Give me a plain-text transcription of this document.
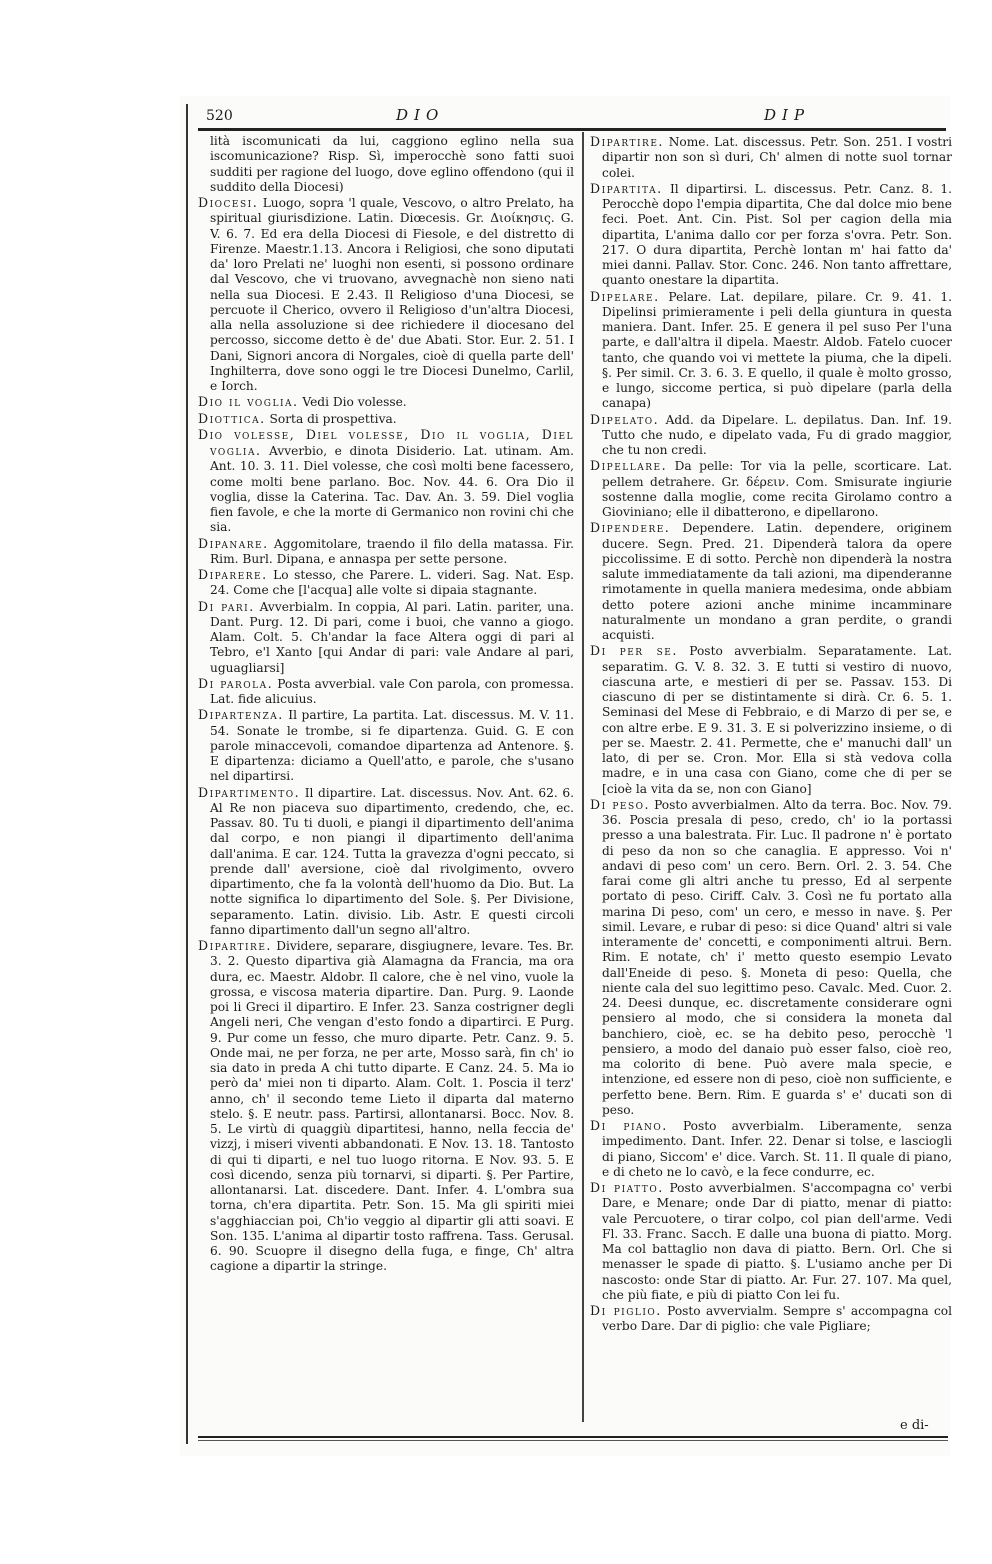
520	DIO	DIP

lità iscomunicati da lui, caggiono eglino nella sua iscomunicazione? Risp. Sì, imperocchè sono fatti suoi sudditi per ragione del luogo, dove eglino offendono (qui il suddito della Diocesi)

Diocesi. Luogo, sopra 'l quale, Vescovo, o altro Prelato, ha spiritual giurisdizione. Latin. Diœcesis. Gr. Διοίκησις. G. V. 6. 7. Ed era della Diocesi di Fiesole, e del distretto di Firenze. Maestr.1.13. Ancora i Religiosi, che sono diputati da' loro Prelati ne' luoghi non esenti, si possono ordinare dal Vescovo, che vi truovano, avvegnachè non sieno nati nella sua Diocesi. E 2.43. Il Religioso d'una Diocesi, se percuote il Cherico, ovvero il Religioso d'un'altra Diocesi, alla nella assoluzione si dee richiedere il diocesano del percosso, siccome detto è de' due Abati. Stor. Eur. 2. 51. I Dani, Signori ancora di Norgales, cioè di quella parte dell' Inghilterra, dove sono oggi le tre Diocesi Dunelmo, Carlil, e Iorch.

Dio il voglia. Vedi Dio volesse.

Diottica. Sorta di prospettiva.

Dio volesse, Diel volesse, Dio il voglia, Diel voglia. Avverbio, e dinota Disiderio. Lat. utinam. Am. Ant. 10. 3. 11. Diel volesse, che così molti bene facessero, come molti bene parlano. Boc. Nov. 44. 6. Ora Dio il voglia, disse la Caterina. Tac. Dav. An. 3. 59. Diel voglia fien favole, e che la morte di Germanico non rovini chi che sia.

Dipanare. Aggomitolare, traendo il filo della matassa. Fir. Rim. Burl. Dipana, e annaspa per sette persone.

Diparere. Lo stesso, che Parere. L. videri. Sag. Nat. Esp. 24. Come che [l'acqua] alle volte si dipaia stagnante.

Di pari. Avverbialm. In coppia, Al pari. Latin. pariter, una. Dant. Purg. 12. Di pari, come i buoi, che vanno a giogo. Alam. Colt. 5. Ch'andar la face Altera oggi di pari al Tebro, e'l Xanto [qui Andar di pari: vale Andare al pari, uguagliarsi]

Di parola. Posta avverbial. vale Con parola, con promessa. Lat. fide alicuius.

Dipartenza. Il partire, La partita. Lat. discessus. M. V. 11. 54. Sonate le trombe, si fe dipartenza. Guid. G. E con parole minaccevoli, comandoe dipartenza ad Antenore. §. E dipartenza: diciamo a Quell'atto, e parole, che s'usano nel dipartirsi.

Dipartimento. Il dipartire. Lat. discessus. Nov. Ant. 62. 6. Al Re non piaceva suo dipartimento, credendo, che, ec. Passav. 80. Tu ti duoli, e piangi il dipartimento dell'anima dal corpo, e non piangi il dipartimento dell'anima dall'anima. E car. 124. Tutta la gravezza d'ogni peccato, si prende dall' aversione, cioè dal rivolgimento, ovvero dipartimento, che fa la volontà dell'huomo da Dio. But. La notte significa lo dipartimento del Sole. §. Per Divisione, separamento. Latin. divisio. Lib. Astr. E questi circoli fanno dipartimento dall'un segno all'altro.

Dipartire. Dividere, separare, disgiugnere, levare. Tes. Br. 3. 2. Questo dipartiva già Alamagna da Francia, ma ora dura, ec. Maestr. Aldobr. Il calore, che è nel vino, vuole la grossa, e viscosa materia dipartire. Dan. Purg. 9. Laonde poi li Greci il dipartiro. E Infer. 23. Sanza costrigner degli Angeli neri, Che vengan d'esto fondo a dipartirci. E Purg. 9. Pur come un fesso, che muro diparte. Petr. Canz. 9. 5. Onde mai, ne per forza, ne per arte, Mosso sarà, fin ch' io sia dato in preda A chi tutto diparte. E Canz. 24. 5. Ma io però da' miei non ti diparto. Alam. Colt. 1. Poscia il terz' anno, ch' il secondo teme Lieto il diparta dal materno stelo. §. E neutr. pass. Partirsi, allontanarsi. Bocc. Nov. 8. 5. Le virtù di quaggiù dipartitesi, hanno, nella feccia de' vizzj, i miseri viventi abbandonati. E Nov. 13. 18. Tantosto di qui ti diparti, e nel tuo luogo ritorna. E Nov. 93. 5. E così dicendo, senza più tornarvi, si diparti. §. Per Partire, allontanarsi. Lat. discedere. Dant. Infer. 4. L'ombra sua torna, ch'era dipartita. Petr. Son. 15. Ma gli spiriti miei s'agghiaccian poi, Ch'io veggio al dipartir gli atti soavi. E Son. 135. L'anima al dipartir tosto raffrena. Tass. Gerusal. 6. 90. Scuopre il disegno della fuga, e finge, Ch' altra cagione a dipartir la stringe.

Dipartire. Nome. Lat. discessus. Petr. Son. 251. I vostri dipartir non son sì duri, Ch' almen di notte suol tornar colei.

Dipartita. Il dipartirsi. L. discessus. Petr. Canz. 8. 1. Perocchè dopo l'empia dipartita, Che dal dolce mio bene feci. Poet. Ant. Cin. Pist. Sol per cagion della mia dipartita, L'anima dallo cor per forza s'ovra. Petr. Son. 217. O dura dipartita, Perchè lontan m' hai fatto da' miei danni. Pallav. Stor. Conc. 246. Non tanto affrettare, quanto onestare la dipartita.

Dipelare. Pelare. Lat. depilare, pilare. Cr. 9. 41. 1. Dipelinsi primieramente i peli della giuntura in questa maniera. Dant. Infer. 25. E genera il pel suso Per l'una parte, e dall'altra il dipela. Maestr. Aldob. Fatelo cuocer tanto, che quando voi vi mettete la piuma, che la dipeli. §. Per simil. Cr. 3. 6. 3. E quello, il quale è molto grosso, e lungo, siccome pertica, si può dipelare (parla della canapa)

Dipelato. Add. da Dipelare. L. depilatus. Dan. Inf. 19. Tutto che nudo, e dipelato vada, Fu di grado maggior, che tu non credi.

Dipellare. Da pelle: Tor via la pelle, scorticare. Lat. pellem detrahere. Gr. δέρειν. Com. Smisurate ingiurie sostenne dalla moglie, come recita Girolamo contro a Gioviniano; elle il dibatterono, e dipellarono.

Dipendere. Dependere. Latin. dependere, originem ducere. Segn. Pred. 21. Dipenderà talora da opere piccolissime. E di sotto. Perchè non dipenderà la nostra salute immediatamente da tali azioni, ma dipenderanne rimotamente in quella maniera medesima, onde abbiam detto potere azioni anche minime incamminare naturalmente un mondano a gran perdite, o grandi acquisti.

Di per se. Posto avverbialm. Separatamente. Lat. separatim. G. V. 8. 32. 3. E tutti si vestiro di nuovo, ciascuna arte, e mestieri di per se. Passav. 153. Di ciascuno di per se distintamente si dirà. Cr. 6. 5. 1. Seminasi del Mese di Febbraio, e di Marzo di per se, e con altre erbe. E 9. 31. 3. E si polverizzino insieme, o di per se. Maestr. 2. 41. Permette, che e' manuchi dall' un lato, di per se. Cron. Mor. Ella si stà vedova colla madre, e in una casa con Giano, come che di per se [cioè la vita da se, non con Giano]

Di peso. Posto avverbialmen. Alto da terra. Boc. Nov. 79. 36. Poscia presala di peso, credo, ch' io la portassi presso a una balestrata. Fir. Luc. Il padrone n' è portato di peso da non so che canaglia. E appresso. Voi n' andavi di peso com' un cero. Bern. Orl. 2. 3. 54. Che farai come gli altri anche tu presso, Ed al serpente portato di peso. Ciriff. Calv. 3. Così ne fu portato alla marina Di peso, com' un cero, e messo in nave. §. Per simil. Levare, e rubar di peso: si dice Quand' altri si vale interamente de' concetti, e componimenti altrui. Bern. Rim. E notate, ch' i' metto questo esempio Levato dall'Eneide di peso. §. Moneta di peso: Quella, che niente cala del suo legittimo peso. Cavalc. Med. Cuor. 2. 24. Deesi dunque, ec. discretamente considerare ogni pensiero al modo, che si considera la moneta dal banchiero, cioè, ec. se ha debito peso, perocchè 'l pensiero, a modo del danaio può esser falso, cioè reo, ma colorito di bene. Può avere mala specie, e intenzione, ed essere non di peso, cioè non sufficiente, e perfetto bene. Bern. Rim. E guarda s' e' ducati son di peso.

Di piano. Posto avverbialm. Liberamente, senza impedimento. Dant. Infer. 22. Denar si tolse, e lasciogli di piano, Siccom' e' dice. Varch. St. 11. Il quale di piano, e di cheto ne lo cavò, e la fece condurre, ec.

Di piatto. Posto avverbialmen. S'accompagna co' verbi Dare, e Menare; onde Dar di piatto, menar di piatto: vale Percuotere, o tirar colpo, col pian dell'arme. Vedi Fl. 33. Franc. Sacch. E dalle una buona di piatto. Morg. Ma col battaglio non dava di piatto. Bern. Orl. Che si menasser le spade di piatto. §. L'usiamo anche per Di nascosto: onde Star di piatto. Ar. Fur. 27. 107. Ma quel, che più fiate, e più di piatto Con lei fu.

Di piglio. Posto avvervialm. Sempre s' accompagna col verbo Dare. Dar di piglio: che vale Pigliare;

e di-
